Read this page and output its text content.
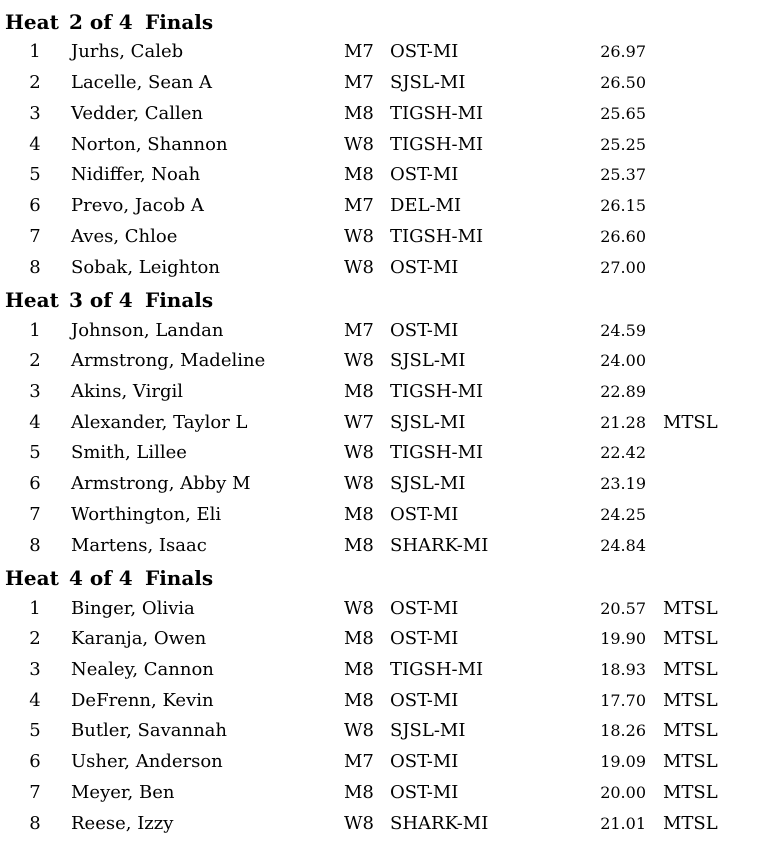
Heat 2 of 4 Finals
1	Jurhs, Caleb	M7 OST-MI	26.97
2	Lacelle, Sean A	M7 SJSL-MI	26.50
3	Vedder, Callen	M8 TIGSH-MI	25.65
4	Norton, Shannon	W8 TIGSH-MI	25.25
5	Nidiffer, Noah	M8 OST-MI	25.37
6	Prevo, Jacob A	M7 DEL-MI	26.15
7	Aves, Chloe	W8 TIGSH-MI	26.60
8	Sobak, Leighton	W8 OST-MI	27.00
Heat 3 of 4 Finals
1	Johnson, Landan	M7 OST-MI	24.59
2	Armstrong, Madeline	W8 SJSL-MI	24.00
3	Akins, Virgil	M8 TIGSH-MI	22.89
4	Alexander, Taylor L	W7 SJSL-MI	21.28 MTSL
5	Smith, Lillee	W8 TIGSH-MI	22.42
6	Armstrong, Abby M	W8 SJSL-MI	23.19
7	Worthington, Eli	M8 OST-MI	24.25
8	Martens, Isaac	M8 SHARK-MI	24.84
Heat 4 of 4 Finals
1	Binger, Olivia	W8 OST-MI	20.57 MTSL
2	Karanja, Owen	M8 OST-MI	19.90 MTSL
3	Nealey, Cannon	M8 TIGSH-MI	18.93 MTSL
4	DeFrenn, Kevin	M8 OST-MI	17.70 MTSL
5	Butler, Savannah	W8 SJSL-MI	18.26 MTSL
6	Usher, Anderson	M7 OST-MI	19.09 MTSL
7	Meyer, Ben	M8 OST-MI	20.00 MTSL
8	Reese, Izzy	W8 SHARK-MI	21.01 MTSL
